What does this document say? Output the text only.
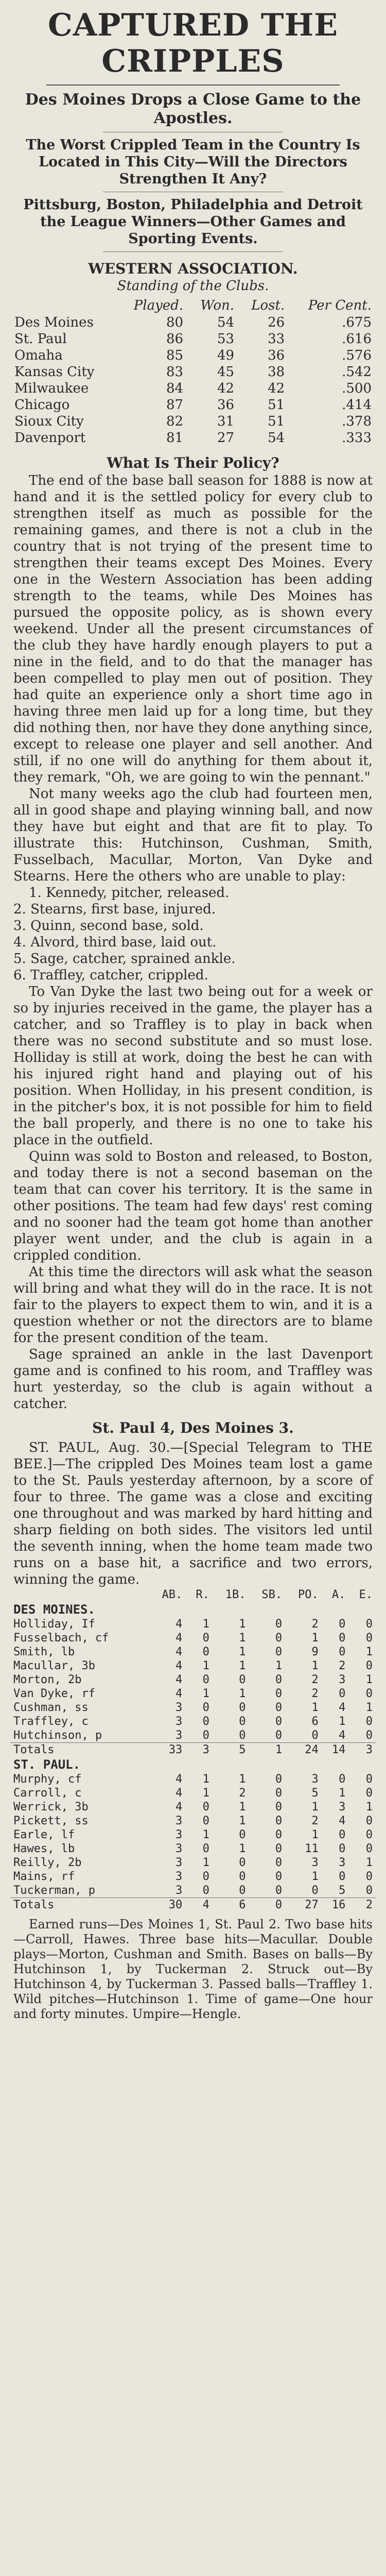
CAPTURED THE CRIPPLES
Des Moines Drops a Close Game to the Apostles.
The Worst Crippled Team in the Country Is Located in This City—Will the Directors Strengthen It Any?
Pittsburg, Boston, Philadelphia and Detroit the League Winners—Other Games and Sporting Events.
WESTERN ASSOCIATION.
Standing of the Clubs.
	Played.	Won.	Lost.	Per Cent.
Des Moines	80	54	26	.675
St. Paul	86	53	33	.616
Omaha	85	49	36	.576
Kansas City	83	45	38	.542
Milwaukee	84	42	42	.500
Chicago	87	36	51	.414
Sioux City	82	31	51	.378
Davenport	81	27	54	.333
What Is Their Policy?

The end of the base ball season for 1888 is now at hand and it is the settled policy for every club to strengthen itself as much as possible for the remaining games, and there is not a club in the country that is not trying of the present time to strengthen their teams except Des Moines. Every one in the Western Association has been adding strength to the teams, while Des Moines has pursued the opposite policy, as is shown every weekend. Under all the present circumstances of the club they have hardly enough players to put a nine in the field, and to do that the manager has been compelled to play men out of position. They had quite an experience only a short time ago in having three men laid up for a long time, but they did nothing then, nor have they done anything since, except to release one player and sell another. And still, if no one will do anything for them about it, they remark, "Oh, we are going to win the pennant."

Not many weeks ago the club had fourteen men, all in good shape and playing winning ball, and now they have but eight and that are fit to play. To illustrate this: Hutchinson, Cushman, Smith, Fusselbach, Macullar, Morton, Van Dyke and Stearns. Here the others who are unable to play:

1. Kennedy, pitcher, released.
2. Stearns, first base, injured.
3. Quinn, second base, sold.
4. Alvord, third base, laid out.
5. Sage, catcher, sprained ankle.
6. Traffley, catcher, crippled.

To Van Dyke the last two being out for a week or so by injuries received in the game, the player has a catcher, and so Traffley is to play in back when there was no second substitute and so must lose. Holliday is still at work, doing the best he can with his injured right hand and playing out of his position. When Holliday, in his present condition, is in the pitcher's box, it is not possible for him to field the ball properly, and there is no one to take his place in the outfield.

Quinn was sold to Boston and released, to Boston, and today there is not a second baseman on the team that can cover his territory. It is the same in other positions. The team had few days' rest coming and no sooner had the team got home than another player went under, and the club is again in a crippled condition.

At this time the directors will ask what the season will bring and what they will do in the race. It is not fair to the players to expect them to win, and it is a question whether or not the directors are to blame for the present condition of the team.

Sage sprained an ankle in the last Davenport game and is confined to his room, and Traffley was hurt yesterday, so the club is again without a catcher.

St. Paul 4, Des Moines 3.

ST. PAUL, Aug. 30.—[Special Telegram to THE BEE.]—The crippled Des Moines team lost a game to the St. Pauls yesterday afternoon, by a score of four to three. The game was a close and exciting one throughout and was marked by hard hitting and sharp fielding on both sides. The visitors led until the seventh inning, when the home team made two runs on a base hit, a sacrifice and two errors, winning the game.

	AB.	R.	1B.	SB.	PO.	A.	E.
DES MOINES.							
Holliday, If	4	1	1	0	2	0	0
Fusselbach, cf	4	0	1	0	1	0	0
Smith, lb	4	0	1	0	9	0	1
Macullar, 3b	4	1	1	1	1	2	0
Morton, 2b	4	0	0	0	2	3	1
Van Dyke, rf	4	1	1	0	2	0	0
Cushman, ss	3	0	0	0	1	4	1
Traffley, c	3	0	0	0	6	1	0
Hutchinson, p	3	0	0	0	0	4	0
Totals	33	3	5	1	24	14	3
ST. PAUL.							
Murphy, cf	4	1	1	0	3	0	0
Carroll, c	4	1	2	0	5	1	0
Werrick, 3b	4	0	1	0	1	3	1
Pickett, ss	3	0	1	0	2	4	0
Earle, lf	3	1	0	0	1	0	0
Hawes, lb	3	0	1	0	11	0	0
Reilly, 2b	3	1	0	0	3	3	1
Mains, rf	3	0	0	0	1	0	0
Tuckerman, p	3	0	0	0	0	5	0
Totals	30	4	6	0	27	16	2

Earned runs—Des Moines 1, St. Paul 2. Two base hits—Carroll, Hawes. Three base hits—Macullar. Double plays—Morton, Cushman and Smith. Bases on balls—By Hutchinson 1, by Tuckerman 2. Struck out—By Hutchinson 4, by Tuckerman 3. Passed balls—Traffley 1. Wild pitches—Hutchinson 1. Time of game—One hour and forty minutes. Umpire—Hengle.
